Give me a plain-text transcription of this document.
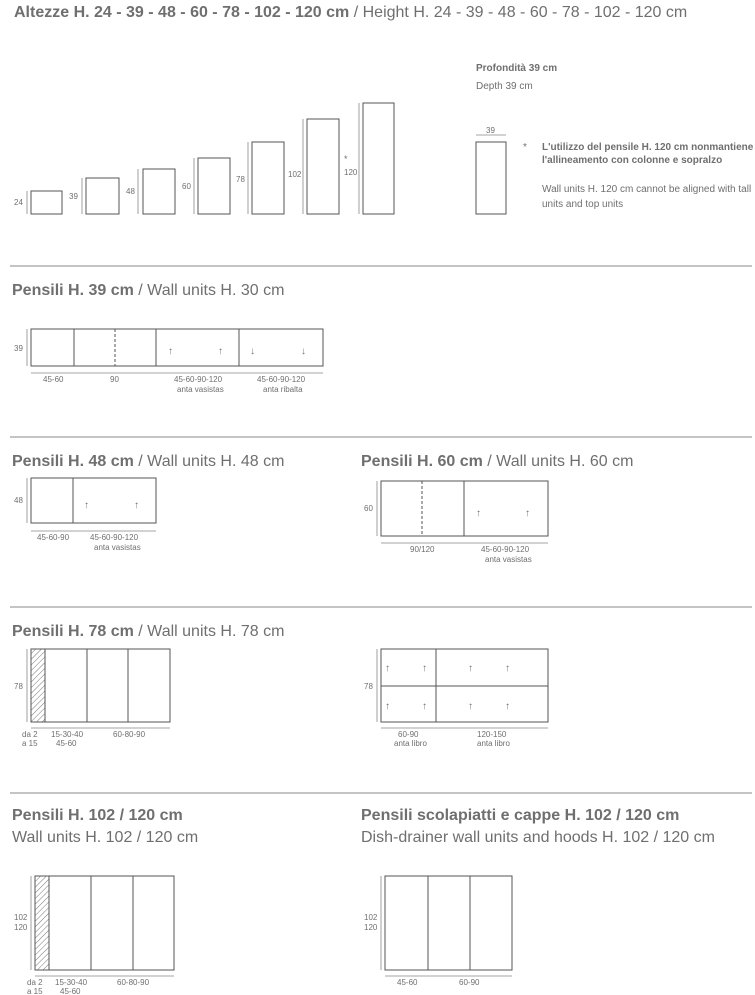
Altezze H. 24 - 39 - 48 - 60 - 78 - 102 - 120 cm / Height H. 24 - 39 - 48 - 60 - 78 - 102 - 120 cm
24
39
48
60
78
102
*
120
Profondità 39 cm
Depth 39 cm
39
* L'utilizzo del pensile H. 120 cm nonmantiene
l'allineamento con colonne e sopralzo
Wall units H. 120 cm cannot be aligned with tall
units and top units
Pensili H. 39 cm / Wall units H. 30 cm
39	↑	↑	↓	↓
45-60	90	45-60-90-120
anta vasistas
45-60-90-120
anta ribalta
Pensili H. 48 cm / Wall units H. 48 cm
48	↑	↑
45-60-90	45-60-90-120
anta vasistas
Pensili H. 60 cm / Wall units H. 60 cm
60	↑	↑
90/120	45-60-90-120
anta vasistas
Pensili H. 78 cm / Wall units H. 78 cm
78
da 2
a 15
15-30-40
45-60
60-80-90
78
↑	↑	↑	↑
↑	↑	↑	↑
60-90
anta libro
120-150
anta libro
Pensili H. 102 / 120 cm
Wall units H. 102 / 120 cm
102
120
da 2
a 15
15-30-40
45-60
60-80-90
Pensili scolapiatti e cappe H. 102 / 120 cm
Dish-drainer wall units and hoods H. 102 / 120 cm
102
120
45-60	60-90
